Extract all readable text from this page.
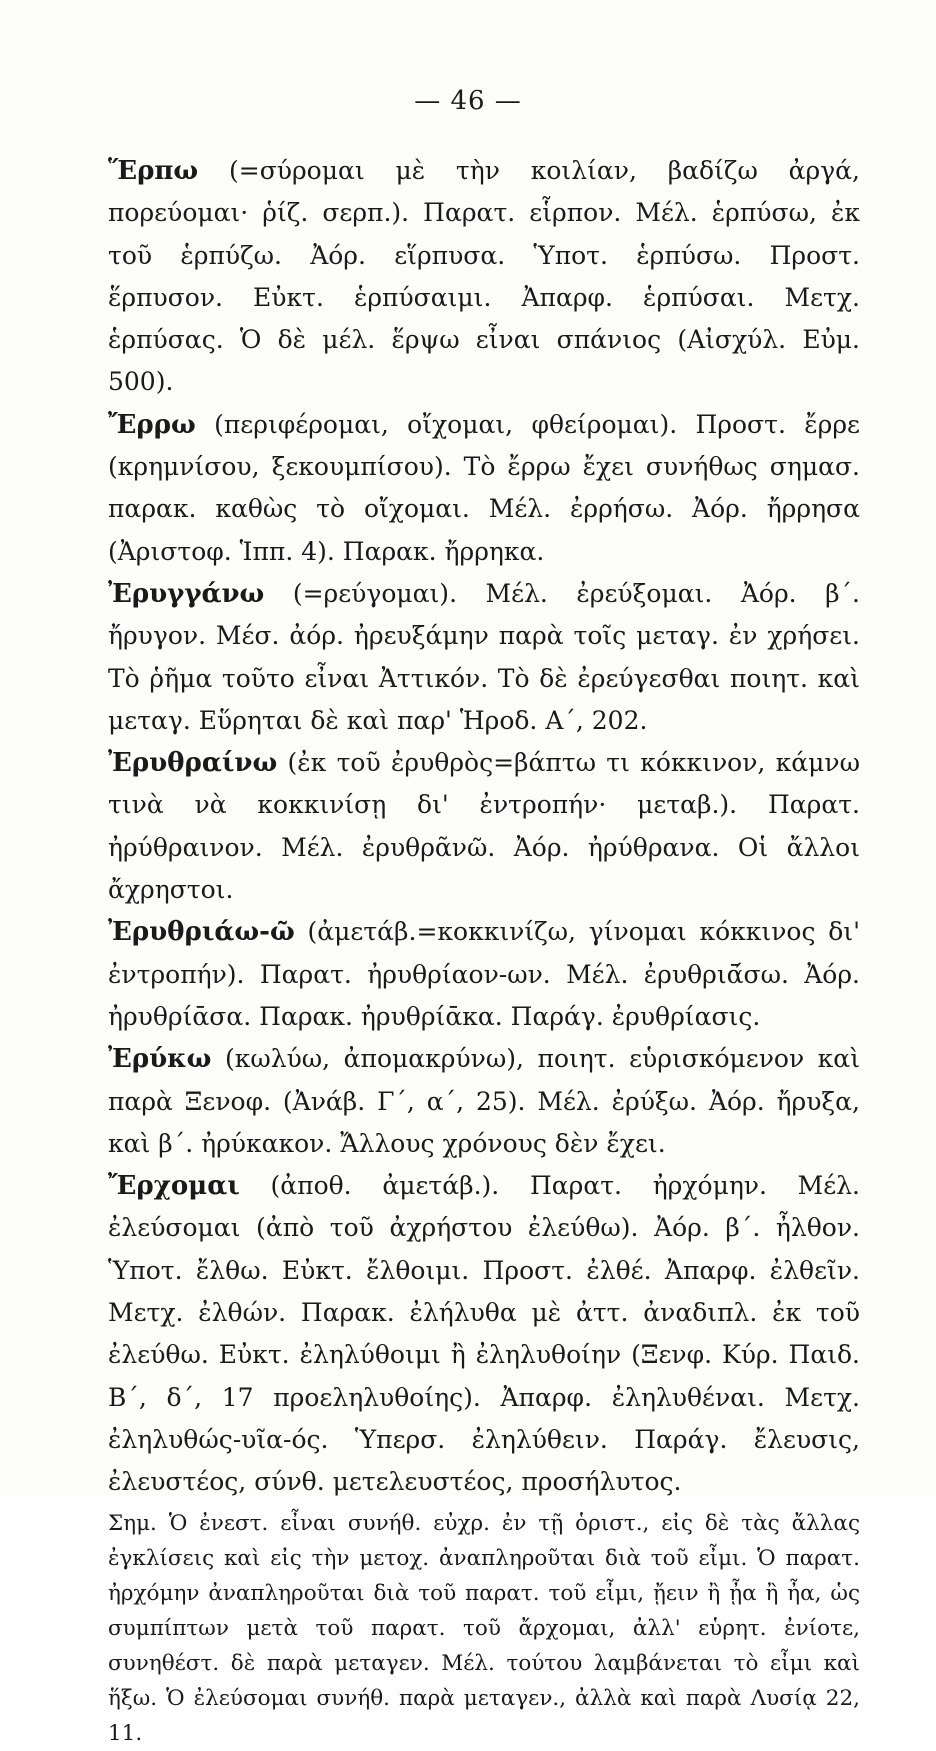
— 46 —

Ἕρπω (=σύρομαι μὲ τὴν κοιλίαν, βαδίζω ἀργά, πορεύομαι· ῥίζ. σερπ.). Παρατ. εἷρπον. Μέλ. ἑρπύσω, ἐκ τοῦ ἑρπύζω. Ἀόρ. εἵρπυσα. Ὑποτ. ἑρπύσω. Προστ. ἕρπυσον. Εὐκτ. ἑρπύσαιμι. Ἀπαρφ. ἑρπύσαι. Μετχ. ἑρπύσας. Ὁ δὲ μέλ. ἕρψω εἶναι σπάνιος (Αἰσχύλ. Εὐμ. 500).

Ἔρρω (περιφέρομαι, οἴχομαι, φθείρομαι). Προστ. ἔρρε (κρημνίσου, ξεκουμπίσου). Τὸ ἔρρω ἔχει συνήθως σημασ. παρακ. καθὼς τὸ οἴχομαι. Μέλ. ἐρρήσω. Ἀόρ. ἤρρησα (Ἀριστοφ. Ἱππ. 4). Παρακ. ἤρρηκα.

Ἐρυγγάνω (=ρεύγομαι). Μέλ. ἐρεύξομαι. Ἀόρ. β΄. ἤρυγον. Μέσ. ἀόρ. ἠρευξάμην παρὰ τοῖς μεταγ. ἐν χρήσει. Τὸ ῥῆμα τοῦτο εἶναι Ἀττικόν. Τὸ δὲ ἐρεύγεσθαι ποιητ. καὶ μεταγ. Εὕρηται δὲ καὶ παρ' Ἡροδ. Α΄, 202.

Ἐρυθραίνω (ἐκ τοῦ ἐρυθρὸς=βάπτω τι κόκκινον, κάμνω τινὰ νὰ κοκκινίσῃ δι' ἐντροπήν· μεταβ.). Παρατ. ἠρύθραινον. Μέλ. ἐρυθρᾶνῶ. Ἀόρ. ἠρύθρανα. Οἱ ἄλλοι ἄχρηστοι.

Ἐρυθριάω-ῶ (ἀμετάβ.=κοκκινίζω, γίνομαι κόκκινος δι' ἐντροπήν). Παρατ. ἠρυθρίαον-ων. Μέλ. ἐρυθριᾱ́σω. Ἀόρ. ἠρυθρίᾱσα. Παρακ. ἠρυθρίᾱκα. Παράγ. ἐρυθρίασις.

Ἐρύκω (κωλύω, ἀπομακρύνω), ποιητ. εὑρισκόμενον καὶ παρὰ Ξενοφ. (Ἀνάβ. Γ΄, α΄, 25). Μέλ. ἐρύξω. Ἀόρ. ἤρυξα, καὶ β΄. ἠρύκακον. Ἄλλους χρόνους δὲν ἔχει.

Ἔρχομαι (ἀποθ. ἀμετάβ.). Παρατ. ἠρχόμην. Μέλ. ἐλεύσομαι (ἀπὸ τοῦ ἀχρήστου ἐλεύθω). Ἀόρ. β΄. ἦλθον. Ὑποτ. ἔλθω. Εὐκτ. ἔλθοιμι. Προστ. ἐλθέ. Ἀπαρφ. ἐλθεῖν. Μετχ. ἐλθών. Παρακ. ἐλήλυθα μὲ ἀττ. ἀναδιπλ. ἐκ τοῦ ἐλεύθω. Εὐκτ. ἐληλύθοιμι ἢ ἐληλυθοίην (Ξενφ. Κύρ. Παιδ. Β΄, δ΄, 17 προεληλυθοίης). Ἀπαρφ. ἐληλυθέναι. Μετχ. ἐληλυθώς-υῖα-ός. Ὑπερσ. ἐληλύθειν. Παράγ. ἔλευσις, ἐλευστέος, σύνθ. μετελευστέος, προσήλυτος.

Σημ. Ὁ ἐνεστ. εἶναι συνήθ. εὐχρ. ἐν τῇ ὁριστ., εἰς δὲ τὰς ἄλλας ἐγκλίσεις καὶ εἰς τὴν μετοχ. ἀναπληροῦται διὰ τοῦ εἶμι. Ὁ παρατ. ἠρχόμην ἀναπληροῦται διὰ τοῦ παρατ. τοῦ εἶμι, ᾔειν ἢ ᾖα ἢ ἦα, ὡς συμπίπτων μετὰ τοῦ παρατ. τοῦ ἄρχομαι, ἀλλ' εὑρητ. ἐνίοτε, συνηθέστ. δὲ παρὰ μεταγεν. Μέλ. τούτου λαμβάνεται τὸ εἶμι καὶ ἥξω. Ὁ ἐλεύσομαι συνήθ. παρὰ μεταγεν., ἀλλὰ καὶ παρὰ Λυσίᾳ 22, 11.
